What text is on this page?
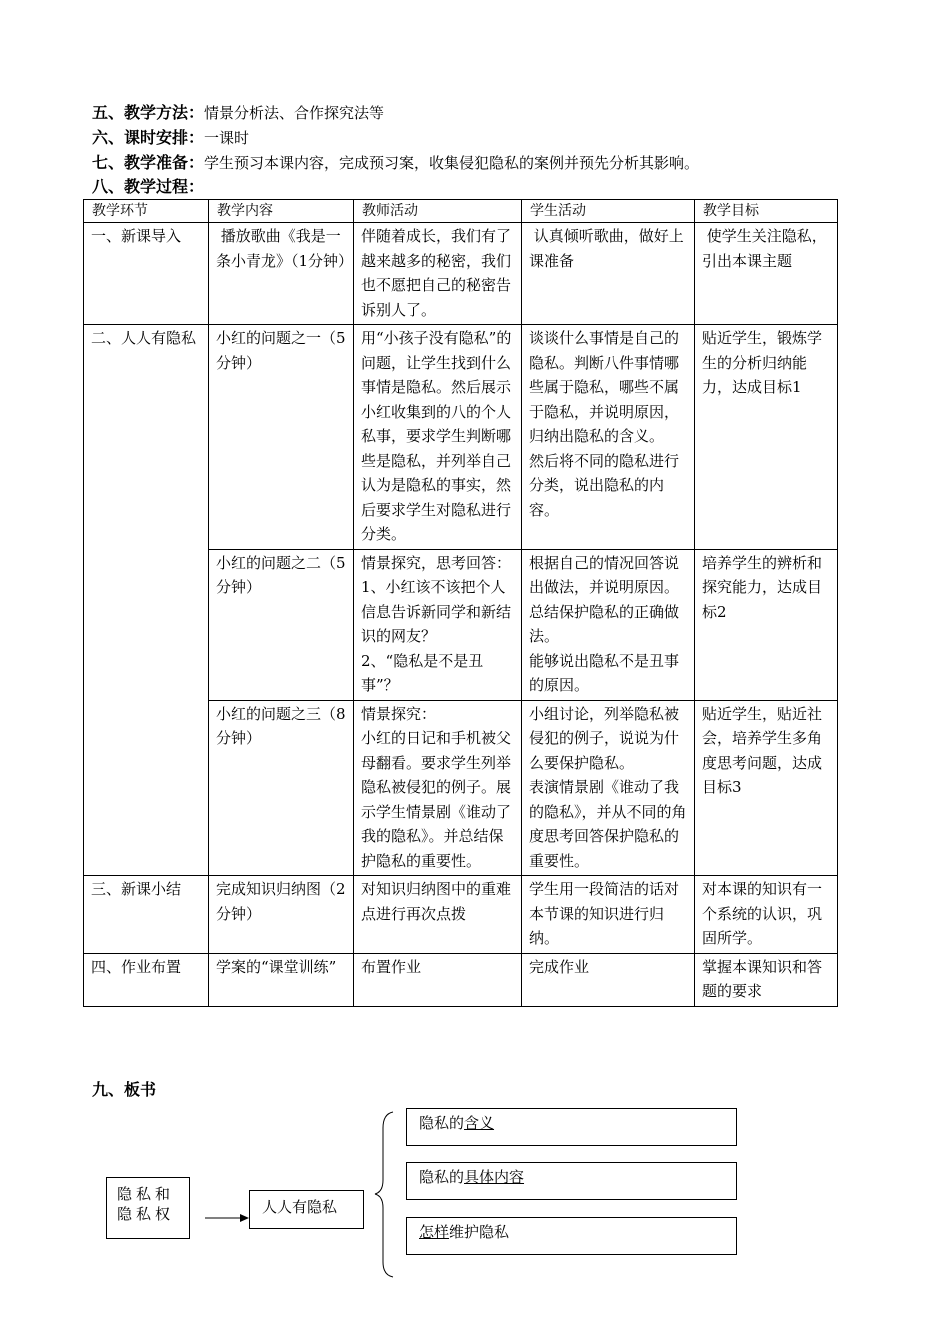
五、教学方法：情景分析法、合作探究法等
六、课时安排：一课时
七、教学准备：学生预习本课内容，完成预习案，收集侵犯隐私的案例并预先分析其影响。
八、教学过程：
教学环节	教学内容	教师活动	学生活动	教学目标
一、新课导入	播放歌曲《我是一条小青龙》（1分钟）	伴随着成长，我们有了越来越多的秘密，我们也不愿把自己的秘密告诉别人了。	认真倾听歌曲，做好上课准备	使学生关注隐私，引出本课主题
二、人人有隐私	小红的问题之一（5分钟）	用“小孩子没有隐私”的问题，让学生找到什么事情是隐私。然后展示小红收集到的八的个人私事，要求学生判断哪些是隐私，并列举自己认为是隐私的事实，然后要求学生对隐私进行分类。	谈谈什么事情是自己的隐私。判断八件事情哪些属于隐私，哪些不属于隐私，并说明原因，归纳出隐私的含义。
然后将不同的隐私进行分类，说出隐私的内容。	贴近学生，锻炼学生的分析归纳能力，达成目标1
	小红的问题之二（5分钟）	情景探究，思考回答： 1、小红该不该把个人信息告诉新同学和新结识的网友？
2、“隐私是不是丑事”？	根据自己的情况回答说出做法，并说明原因。总结保护隐私的正确做法。
能够说出隐私不是丑事的原因。	培养学生的辨析和探究能力，达成目标2
	小红的问题之三（8分钟）	情景探究：
小红的日记和手机被父母翻看。要求学生列举隐私被侵犯的例子。展示学生情景剧《谁动了我的隐私》。并总结保护隐私的重要性。	小组讨论，列举隐私被侵犯的例子，说说为什么要保护隐私。
表演情景剧《谁动了我的隐私》，并从不同的角度思考回答保护隐私的重要性。	贴近学生，贴近社会，培养学生多角度思考问题，达成目标3
三、新课小结	完成知识归纳图（2分钟）	对知识归纳图中的重难点进行再次点拨	学生用一段简洁的话对本节课的知识进行归纳。	对本课的知识有一个系统的认识，巩固所学。
四、作业布置	学案的“课堂训练”	布置作业	完成作业	掌握本课知识和答题的要求
九、板书
隐私和隐私权	人人有隐私
隐私的含义
隐私的具体内容
怎样维护隐私
